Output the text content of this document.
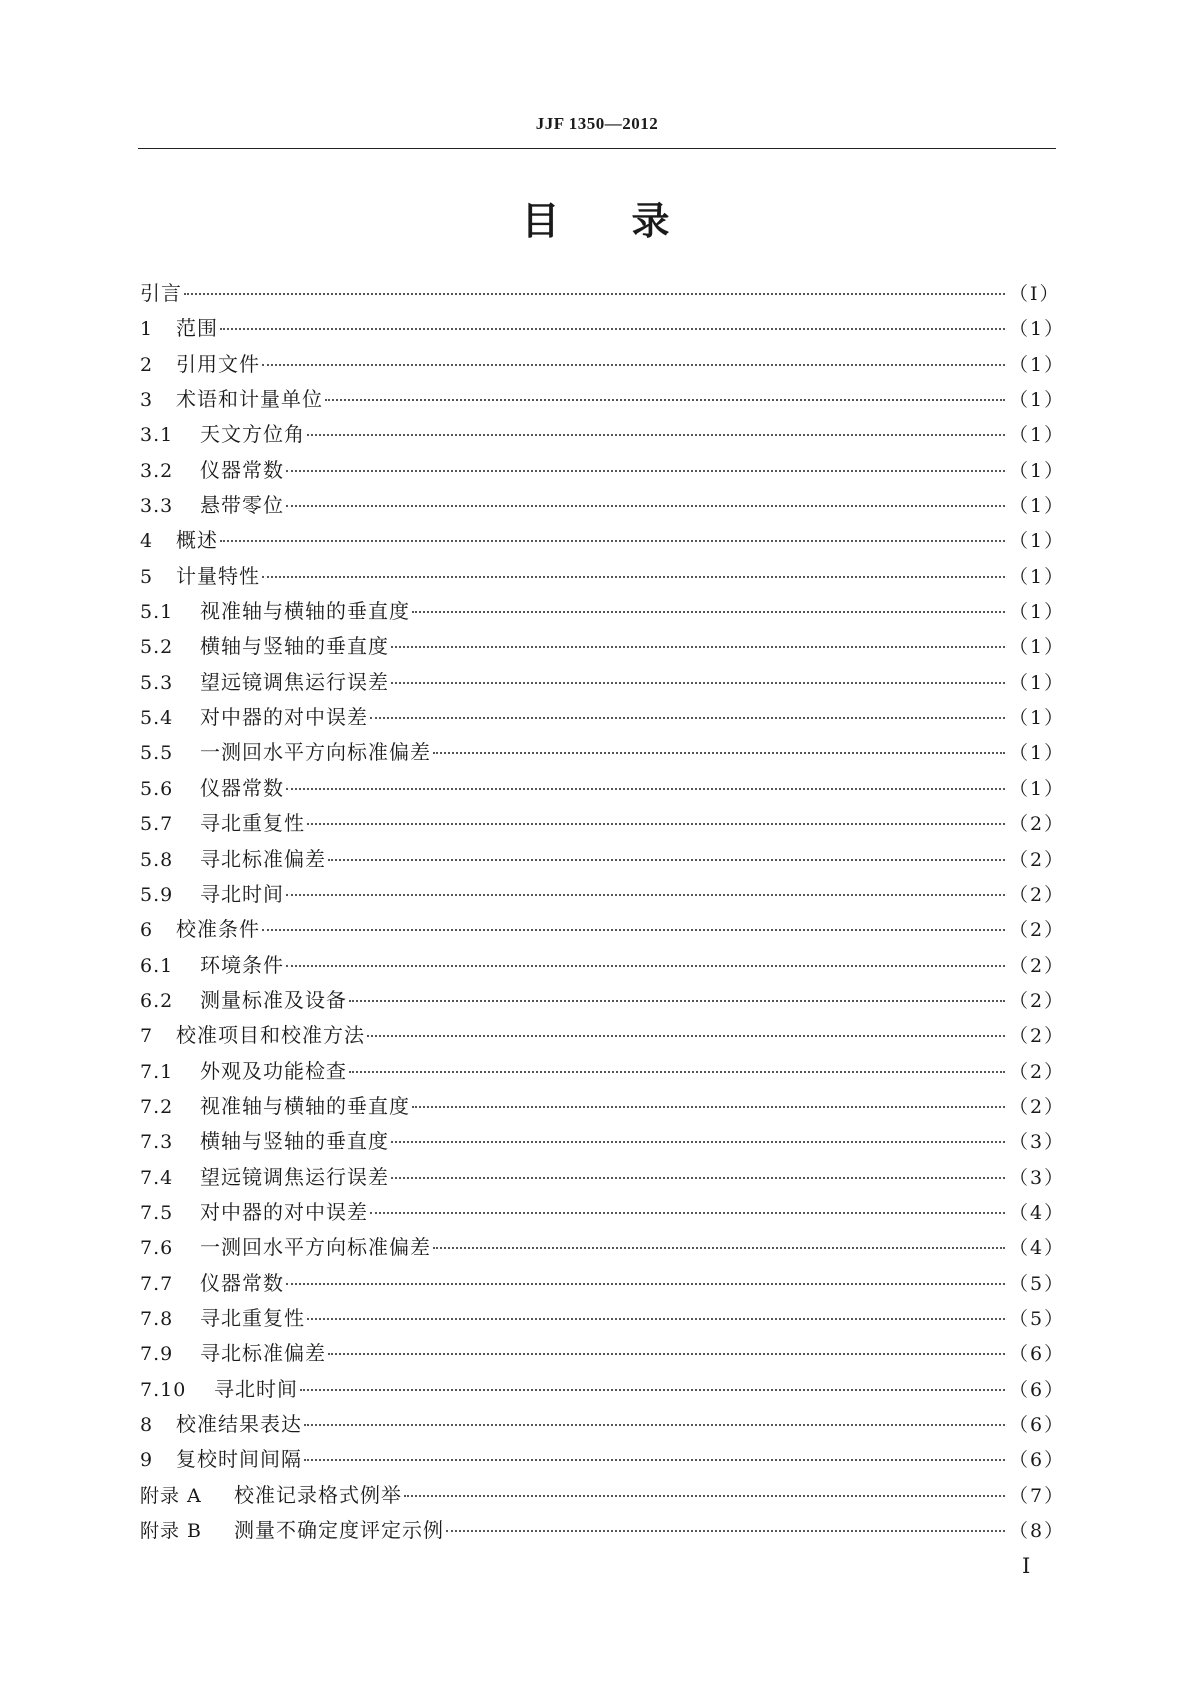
JJF 1350—2012
目录
引言	（Ⅰ）
1	范围	（1）
2	引用文件	（1）
3	术语和计量单位	（1）
3.1	天文方位角	（1）
3.2	仪器常数	（1）
3.3	悬带零位	（1）
4	概述	（1）
5	计量特性	（1）
5.1	视准轴与横轴的垂直度	（1）
5.2	横轴与竖轴的垂直度	（1）
5.3	望远镜调焦运行误差	（1）
5.4	对中器的对中误差	（1）
5.5	一测回水平方向标准偏差	（1）
5.6	仪器常数	（1）
5.7	寻北重复性	（2）
5.8	寻北标准偏差	（2）
5.9	寻北时间	（2）
6	校准条件	（2）
6.1	环境条件	（2）
6.2	测量标准及设备	（2）
7	校准项目和校准方法	（2）
7.1	外观及功能检查	（2）
7.2	视准轴与横轴的垂直度	（2）
7.3	横轴与竖轴的垂直度	（3）
7.4	望远镜调焦运行误差	（3）
7.5	对中器的对中误差	（4）
7.6	一测回水平方向标准偏差	（4）
7.7	仪器常数	（5）
7.8	寻北重复性	（5）
7.9	寻北标准偏差	（6）
7.10	寻北时间	（6）
8	校准结果表达	（6）
9	复校时间间隔	（6）
附录 A	校准记录格式例举	（7）
附录 B	测量不确定度评定示例	（8）
Ⅰ
